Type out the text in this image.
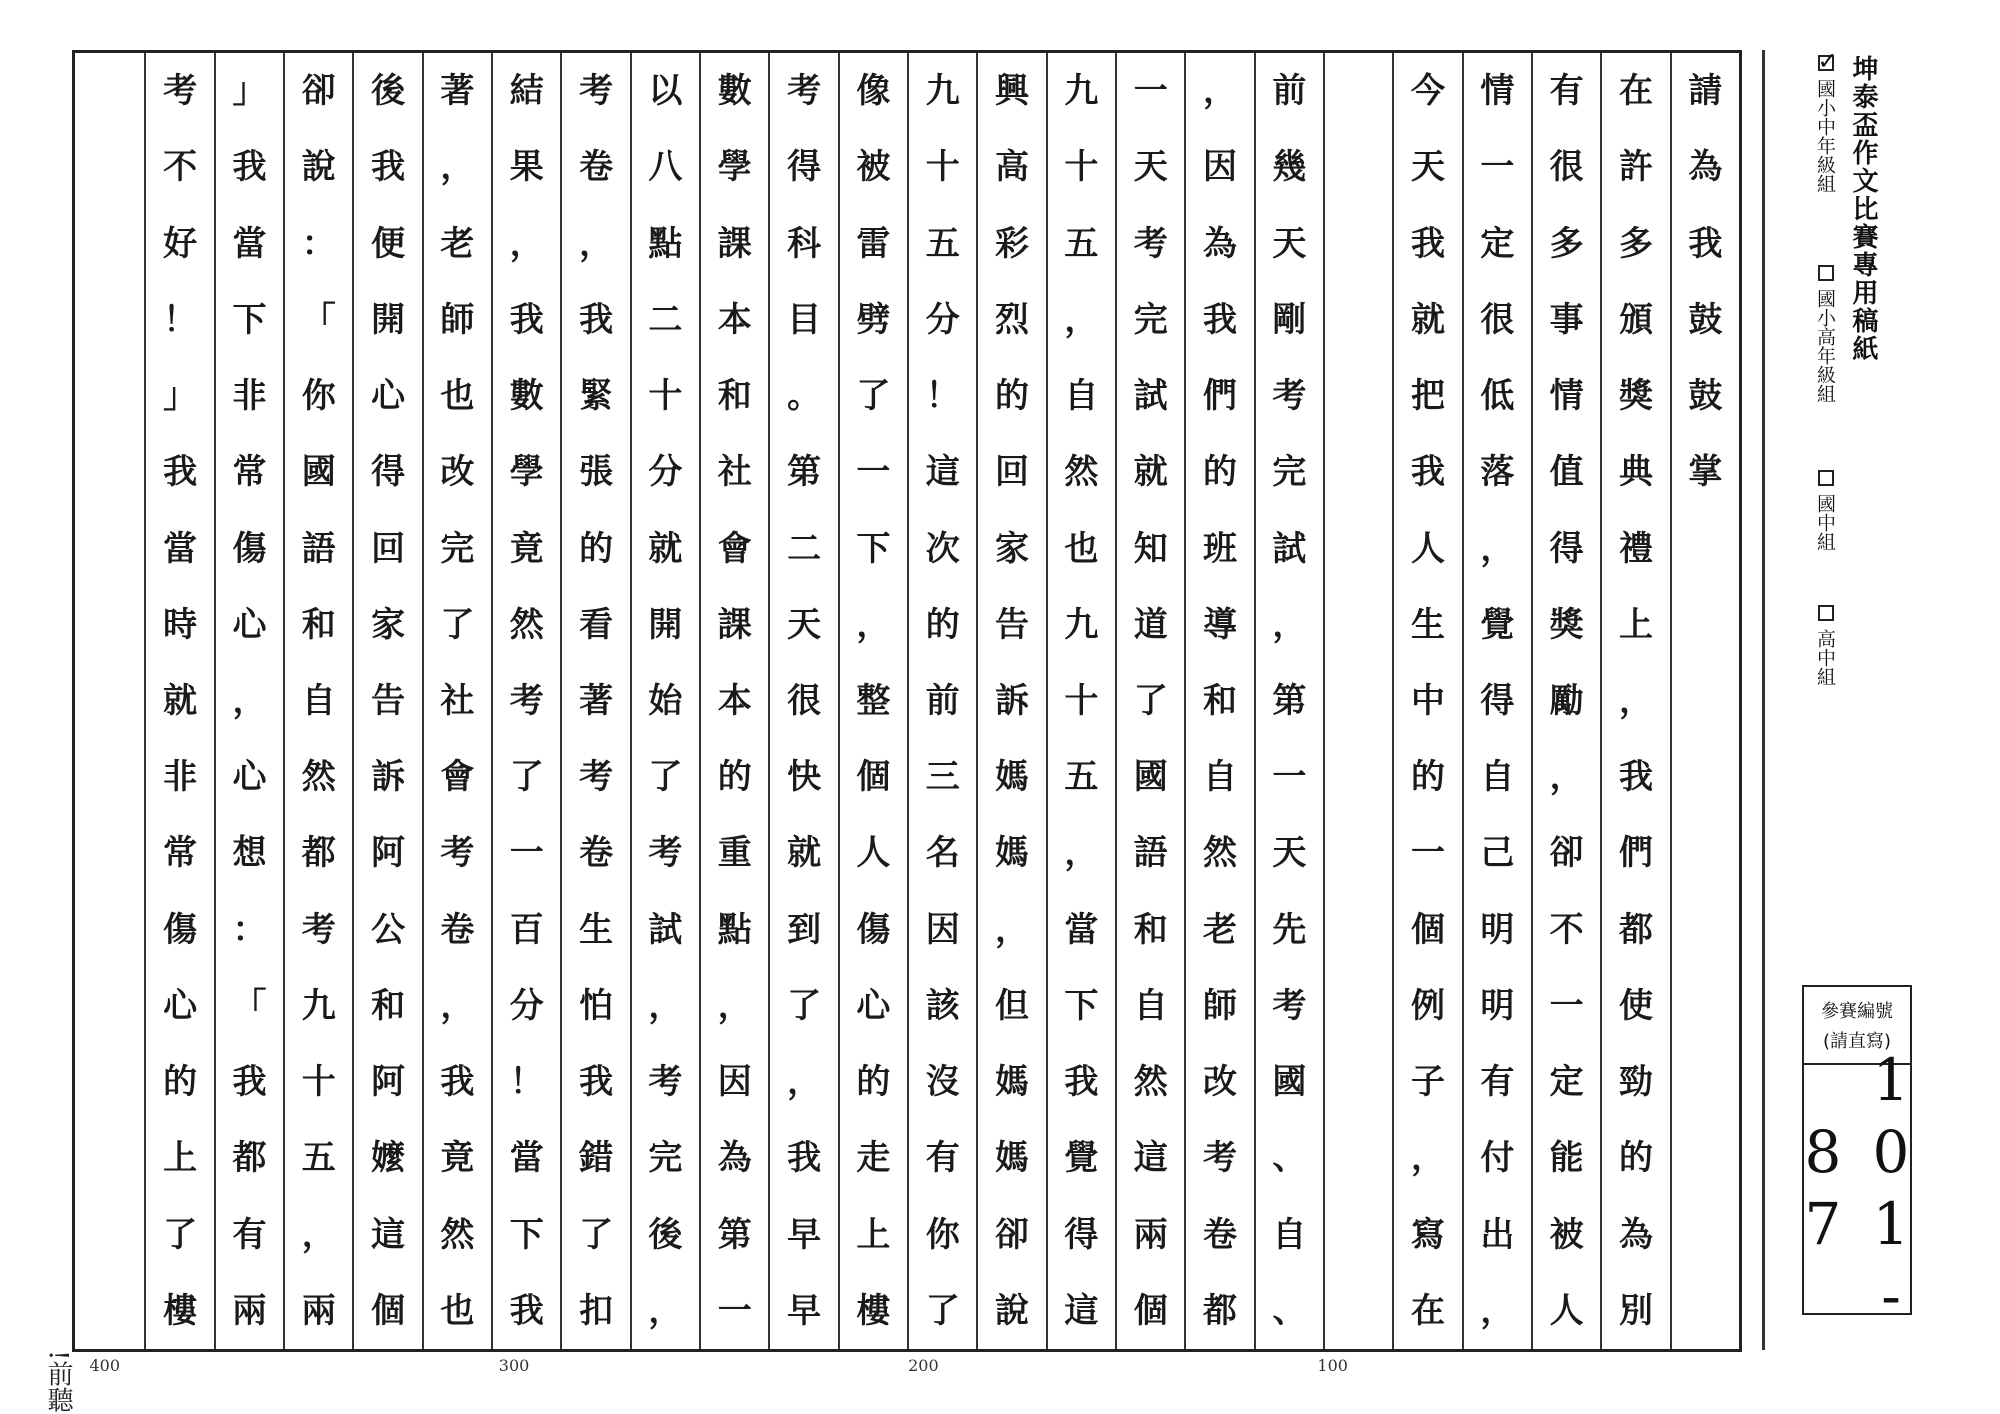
請
為
我
鼓
鼓
掌
在
許
多
頒
獎
典
禮
上
，
我
們
都
使
勁
的
為
別
有
很
多
事
情
值
得
獎
勵
，
卻
不
一
定
能
被
人
情
一
定
很
低
落
，
覺
得
自
己
明
明
有
付
出
，
今
天
我
就
把
我
人
生
中
的
一
個
例
子
，
寫
在
前
幾
天
剛
考
完
試
，
第
一
天
先
考
國
、
自
、
，
因
為
我
們
的
班
導
和
自
然
老
師
改
考
卷
都
一
天
考
完
試
就
知
道
了
國
語
和
自
然
這
兩
個
九
十
五
，
自
然
也
九
十
五
，
當
下
我
覺
得
這
興
高
彩
烈
的
回
家
告
訴
媽
媽
，
但
媽
媽
卻
說
九
十
五
分
！
這
次
的
前
三
名
因
該
沒
有
你
了
像
被
雷
劈
了
一
下
，
整
個
人
傷
心
的
走
上
樓
考
得
科
目
。
第
二
天
很
快
就
到
了
，
我
早
早
數
學
課
本
和
社
會
課
本
的
重
點
，
因
為
第
一
以
八
點
二
十
分
就
開
始
了
考
試
，
考
完
後
，
考
卷
，
我
緊
張
的
看
著
考
卷
生
怕
我
錯
了
扣
結
果
，
我
數
學
竟
然
考
了
一
百
分
！
當
下
我
著
，
老
師
也
改
完
了
社
會
考
卷
，
我
竟
然
也
後
我
便
開
心
得
回
家
告
訴
阿
公
和
阿
嬤
這
個
卻
說
：
「
你
國
語
和
自
然
都
考
九
十
五
，
兩
」
我
當
下
非
常
傷
心
，
心
想
：
「
我
都
有
兩
考
不
好
！
」
我
當
時
就
非
常
傷
心
的
上
了
樓
400	300	200	100
!前聽
坤泰盃作文比賽專用稿紙
✓
國小中年級組
國小高年級組
國中組
高中組
參賽編號
(請直寫)
101-87
